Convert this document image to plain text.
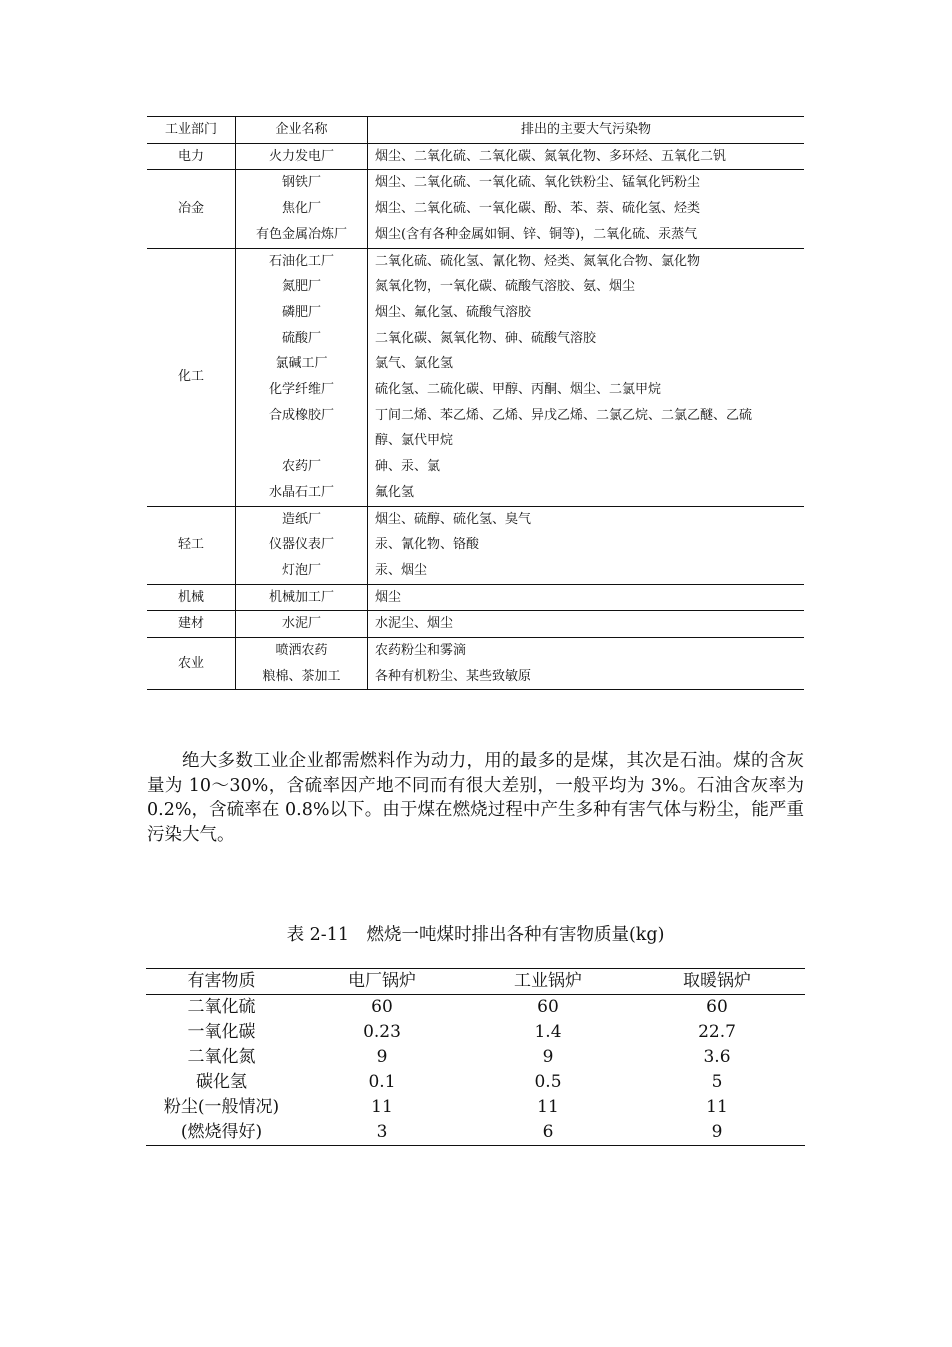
工业部门	企业名称	排出的主要大气污染物
电力	火力发电厂	烟尘、二氧化硫、二氧化碳、氮氧化物、多环烃、五氧化二钒
冶金	钢铁厂	烟尘、二氧化硫、一氧化硫、氧化铁粉尘、锰氧化钙粉尘
	焦化厂	烟尘、二氧化硫、一氧化碳、酚、苯、萘、硫化氢、烃类
	有色金属冶炼厂	烟尘(含有各种金属如铜、锌、铜等)，二氧化硫、汞蒸气
化工	石油化工厂	二氧化硫、硫化氢、氰化物、烃类、氮氧化合物、氯化物
	氮肥厂	氮氧化物，一氧化碳、硫酸气溶胶、氨、烟尘
	磷肥厂	烟尘、氟化氢、硫酸气溶胶
	硫酸厂	二氧化碳、氮氧化物、砷、硫酸气溶胶
	氯碱工厂	氯气、氯化氢
	化学纤维厂	硫化氢、二硫化碳、甲醇、丙酮、烟尘、二氯甲烷
	合成橡胶厂	丁间二烯、苯乙烯、乙烯、异戊乙烯、二氯乙烷、二氯乙醚、乙硫
		醇、氯代甲烷
	农药厂	砷、汞、氯
	水晶石工厂	氟化氢
轻工	造纸厂	烟尘、硫醇、硫化氢、臭气
	仪器仪表厂	汞、氰化物、铬酸
	灯泡厂	汞、烟尘
机械	机械加工厂	烟尘
建材	水泥厂	水泥尘、烟尘
农业	喷洒农药	农药粉尘和雾滴
	粮棉、茶加工	各种有机粉尘、某些致敏原

绝大多数工业企业都需燃料作为动力，用的最多的是煤，其次是石油。煤的含灰量为 10～30%，含硫率因产地不同而有很大差别，一般平均为 3%。石油含灰率为 0.2%，含硫率在 0.8%以下。由于煤在燃烧过程中产生多种有害气体与粉尘，能严重污染大气。

表 2-11　燃烧一吨煤时排出各种有害物质量(kg)
有害物质	电厂锅炉	工业锅炉	取暖锅炉
二氧化硫	60	60	60
一氧化碳	0.23	1.4	22.7
二氧化氮	9	9	3.6
碳化氢	0.1	0.5	5
粉尘(一般情况)	11	11	11
(燃烧得好)	3	6	9
